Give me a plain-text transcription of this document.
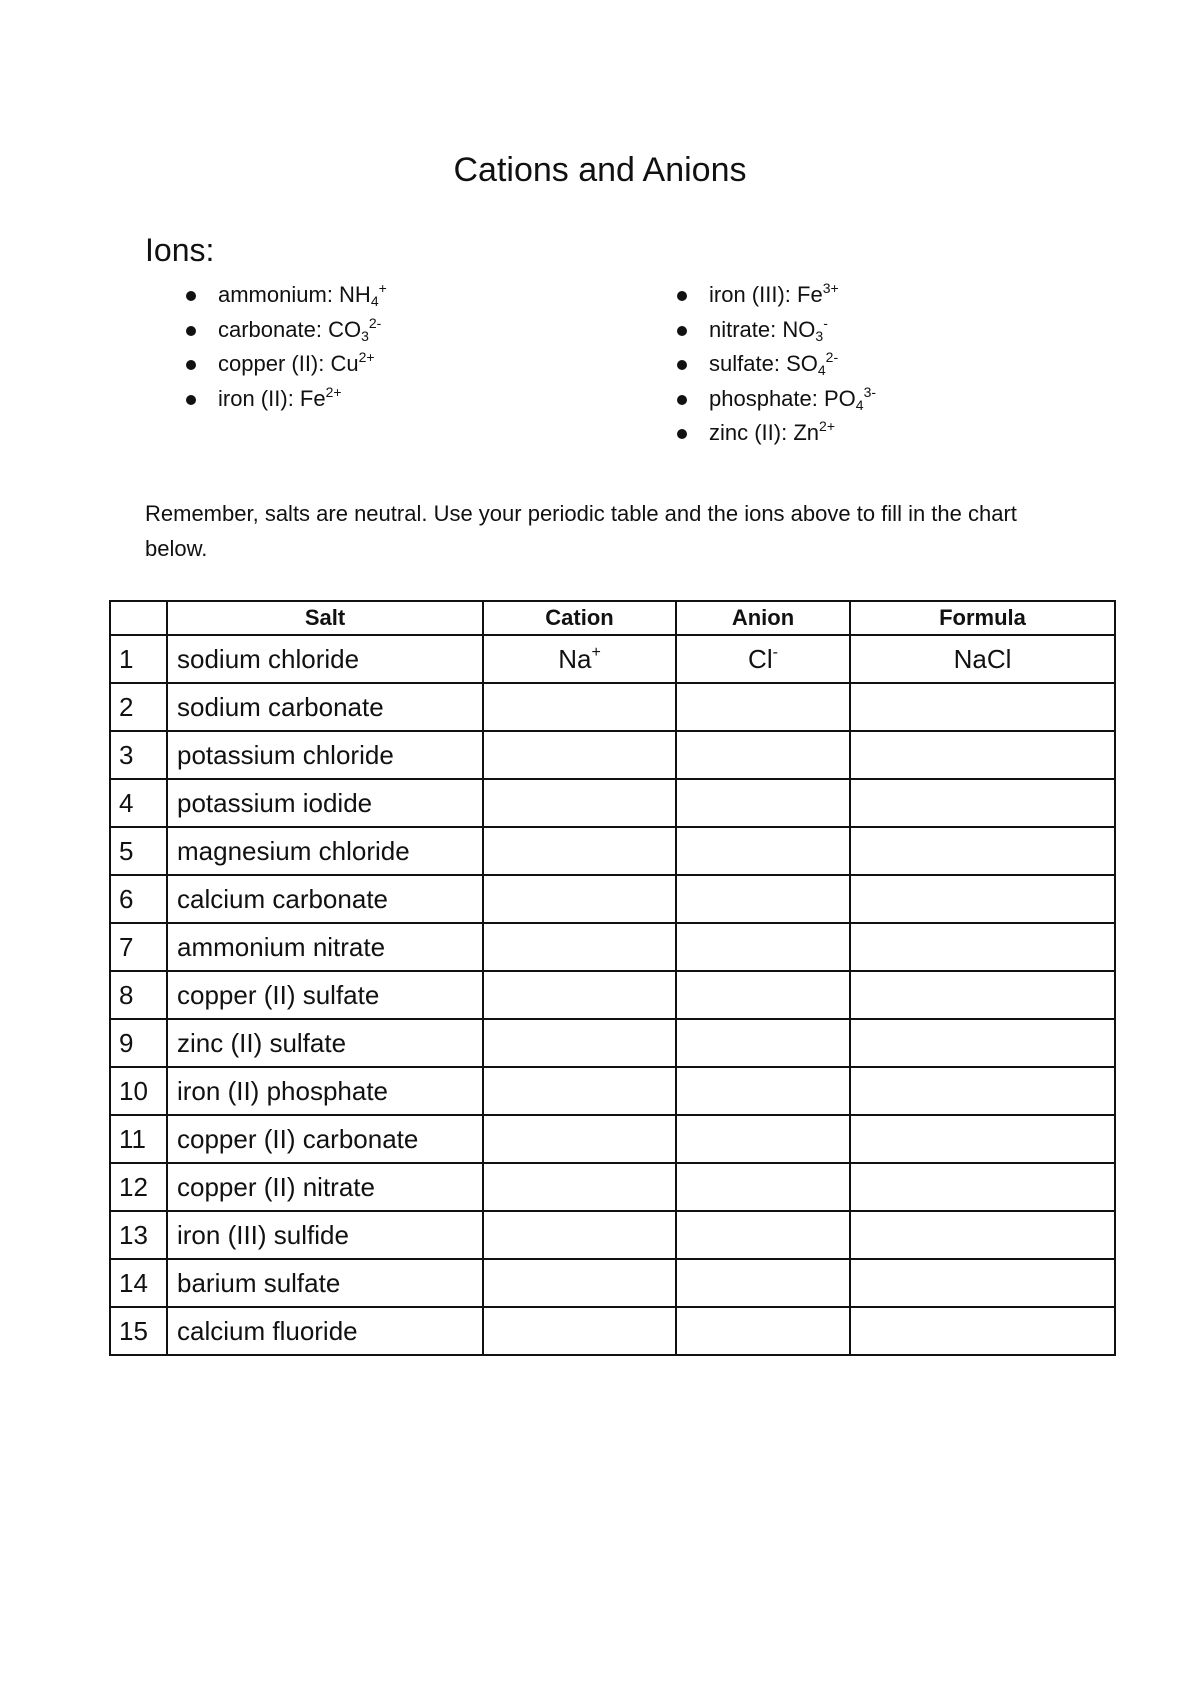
Cations and Anions
Ions:
ammonium: $NH_4^+$
carbonate: $CO_3^{2-}$
copper (II): $Cu^{2+}$
iron (II): $Fe^{2+}$
iron (III): $Fe^{3+}$
nitrate: $NO_3^-$
sulfate: $SO_4^{2-}$
phosphate: $PO_4^{3-}$
zinc (II): $Zn^{2+}$
Remember, salts are neutral. Use your periodic table and the ions above to fill in the chart below.
	Salt	Cation	Anion	Formula
1	sodium chloride	Na+	Cl-	NaCl
2	sodium carbonate			
3	potassium chloride			
4	potassium iodide			
5	magnesium chloride			
6	calcium carbonate			
7	ammonium nitrate			
8	copper (II) sulfate			
9	zinc (II) sulfate			
10	iron (II) phosphate			
11	copper (II) carbonate			
12	copper (II) nitrate			
13	iron (III) sulfide			
14	barium sulfate			
15	calcium fluoride			
